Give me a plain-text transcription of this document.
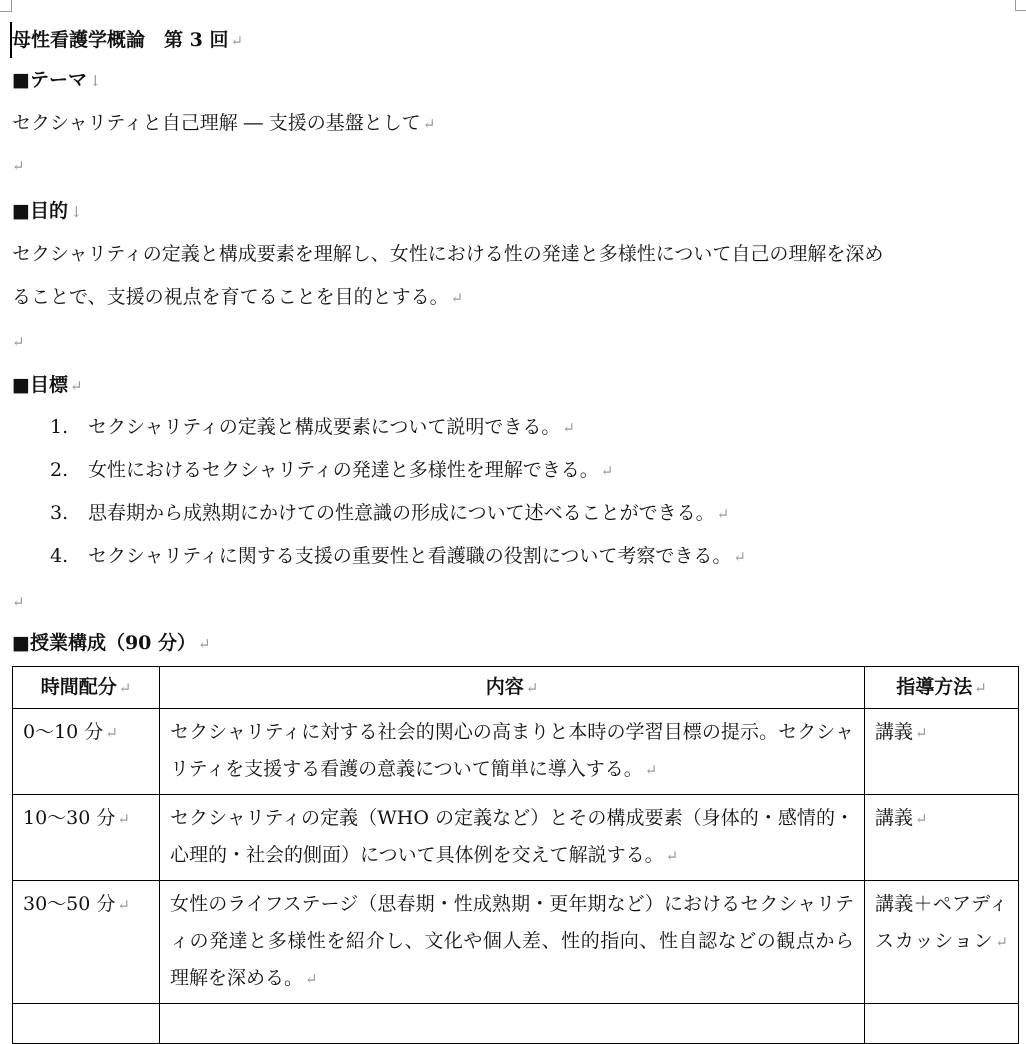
母性看護学概論　第 3 回 ↵
■テーマ ↓
セクシャリティと自己理解 ― 支援の基盤として ↵
↵
■目的 ↓
セクシャリティの定義と構成要素を理解し、女性における性の発達と多様性について自己の理解を深め
ることで、支援の視点を育てることを目的とする。 ↵
↵
■目標 ↵
1. セクシャリティの定義と構成要素について説明できる。 ↵
2. 女性におけるセクシャリティの発達と多様性を理解できる。 ↵
3. 思春期から成熟期にかけての性意識の形成について述べることができる。 ↵
4. セクシャリティに関する支援の重要性と看護職の役割について考察できる。 ↵
↵
■授業構成（90 分） ↵
時間配分 ↵	内容 ↵	指導方法 ↵
0～10 分 ↵	セクシャリティに対する社会的関心の高まりと本時の学習目標の提示。セクシャリティを支援する看護の意義について簡単に導入する。 ↵	講義 ↵
10～30 分 ↵	セクシャリティの定義（WHO の定義など）とその構成要素（身体的・感情的・心理的・社会的側面）について具体例を交えて解説する。 ↵	講義 ↵
30～50 分 ↵	女性のライフステージ（思春期・性成熟期・更年期など）におけるセクシャリティの発達と多様性を紹介し、文化や個人差、性的指向、性自認などの観点から理解を深める。 ↵	講義＋ペアディスカッション ↵
